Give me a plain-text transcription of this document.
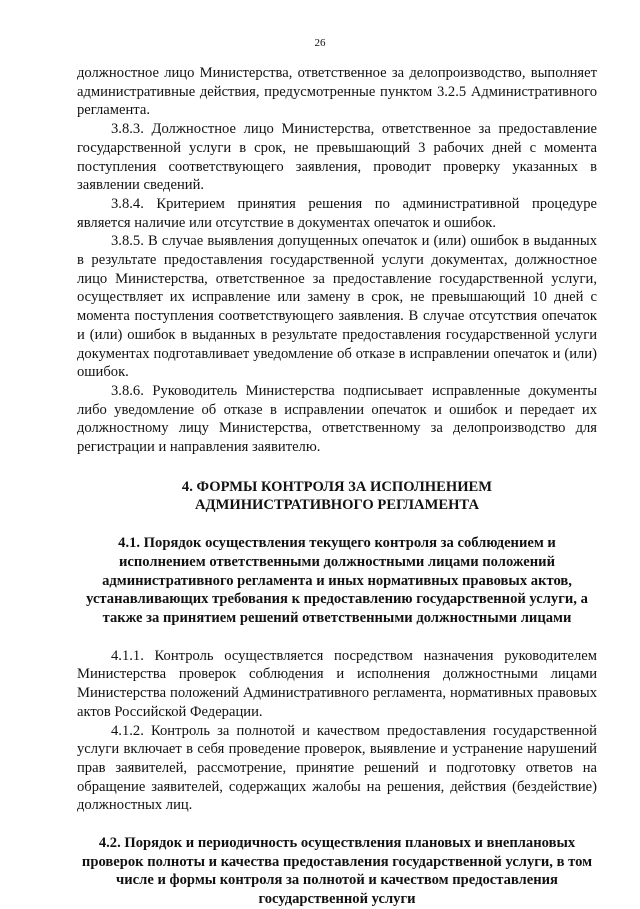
26

должностное лицо Министерства, ответственное за делопроизводство, выполняет административные действия, предусмотренные пунктом 3.2.5 Административного регламента.

3.8.3. Должностное лицо Министерства, ответственное за предоставление государственной услуги в срок, не превышающий 3 рабочих дней с момента поступления соответствующего заявления, проводит проверку указанных в заявлении сведений.

3.8.4. Критерием принятия решения по административной процедуре является наличие или отсутствие в документах опечаток и ошибок.

3.8.5. В случае выявления допущенных опечаток и (или) ошибок в выданных в результате предоставления государственной услуги документах, должностное лицо Министерства, ответственное за предоставление государственной услуги, осуществляет их исправление или замену в срок, не превышающий 10 дней с момента поступления соответствующего заявления. В случае отсутствия опечаток и (или) ошибок в выданных в результате предоставления государственной услуги документах подготавливает уведомление об отказе в исправлении опечаток и (или) ошибок.

3.8.6. Руководитель Министерства подписывает исправленные документы либо уведомление об отказе в исправлении опечаток и ошибок и передает их должностному лицу Министерства, ответственному за делопроизводство для регистрации и направления заявителю.

4. ФОРМЫ КОНТРОЛЯ ЗА ИСПОЛНЕНИЕМ
АДМИНИСТРАТИВНОГО РЕГЛАМЕНТА
4.1. Порядок осуществления текущего контроля за соблюдением и исполнением ответственными должностными лицами положений административного регламента и иных нормативных правовых актов, устанавливающих требования к предоставлению государственной услуги, а также за принятием решений ответственными должностными лицами

4.1.1. Контроль осуществляется посредством назначения руководителем Министерства проверок соблюдения и исполнения должностными лицами Министерства положений Административного регламента, нормативных правовых актов Российской Федерации.

4.1.2. Контроль за полнотой и качеством предоставления государственной услуги включает в себя проведение проверок, выявление и устранение нарушений прав заявителей, рассмотрение, принятие решений и подготовку ответов на обращение заявителей, содержащих жалобы на решения, действия (бездействие) должностных лиц.

4.2. Порядок и периодичность осуществления плановых и внеплановых проверок полноты и качества предоставления государственной услуги, в том числе и формы контроля за полнотой и качеством предоставления государственной услуги
